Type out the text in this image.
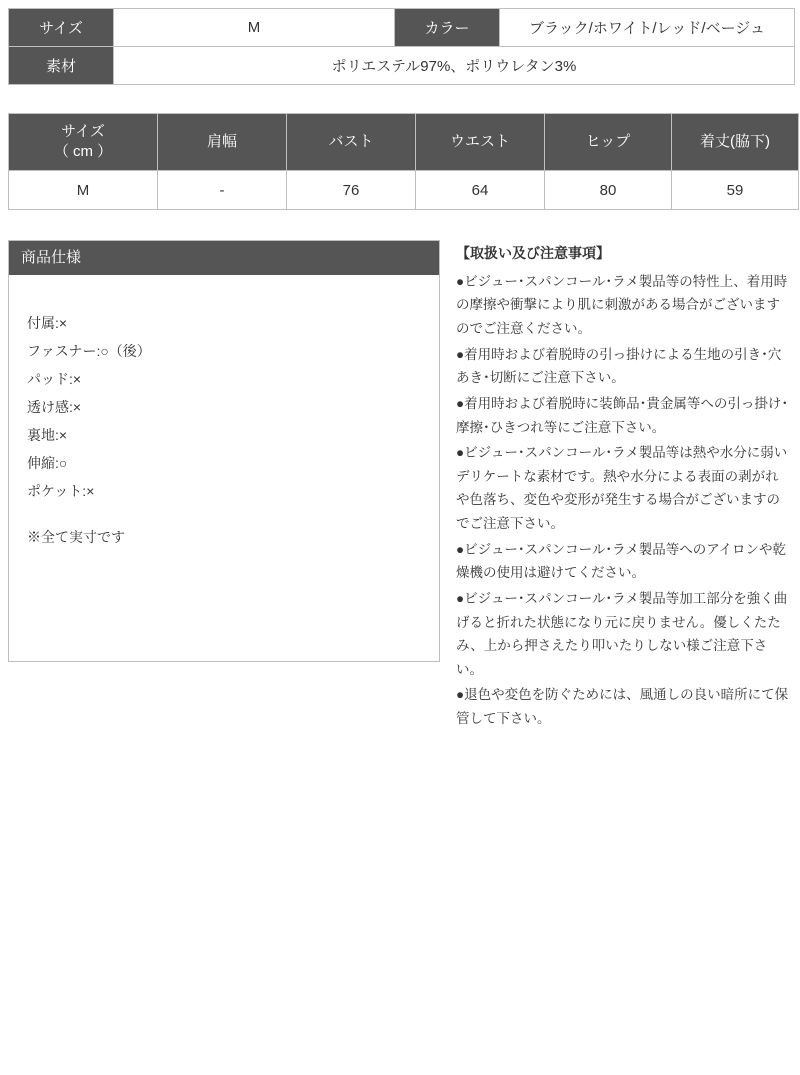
サイズ	M	カラー	ブラック/ホワイト/レッド/ベージュ
素材	ポリエステル97%、ポリウレタン3%		
サイズ
（ cm ）	肩幅	バスト	ウエスト	ヒップ	着丈(脇下)
M	-	76	64	80	59
商品仕様
付属:×
ファスナー:○（後）
パッド:×
透け感:×
裏地:×
伸縮:○
ポケット:×
※全て実寸です
【取扱い及び注意事項】
●ビジュー･スパンコール･ラメ製品等の特性上、着用時の摩擦や衝撃により肌に刺激がある場合がございますのでご注意ください。
●着用時および着脱時の引っ掛けによる生地の引き･穴あき･切断にご注意下さい。
●着用時および着脱時に装飾品･貴金属等への引っ掛け･摩擦･ひきつれ等にご注意下さい。
●ビジュー･スパンコール･ラメ製品等は熱や水分に弱いデリケートな素材です。熱や水分による表面の剥がれや色落ち、変色や変形が発生する場合がございますのでご注意下さい。
●ビジュー･スパンコール･ラメ製品等へのアイロンや乾燥機の使用は避けてください。
●ビジュー･スパンコール･ラメ製品等加工部分を強く曲げると折れた状態になり元に戻りません。優しくたたみ、上から押さえたり叩いたりしない様ご注意下さい。
●退色や変色を防ぐためには、風通しの良い暗所にて保管して下さい。
